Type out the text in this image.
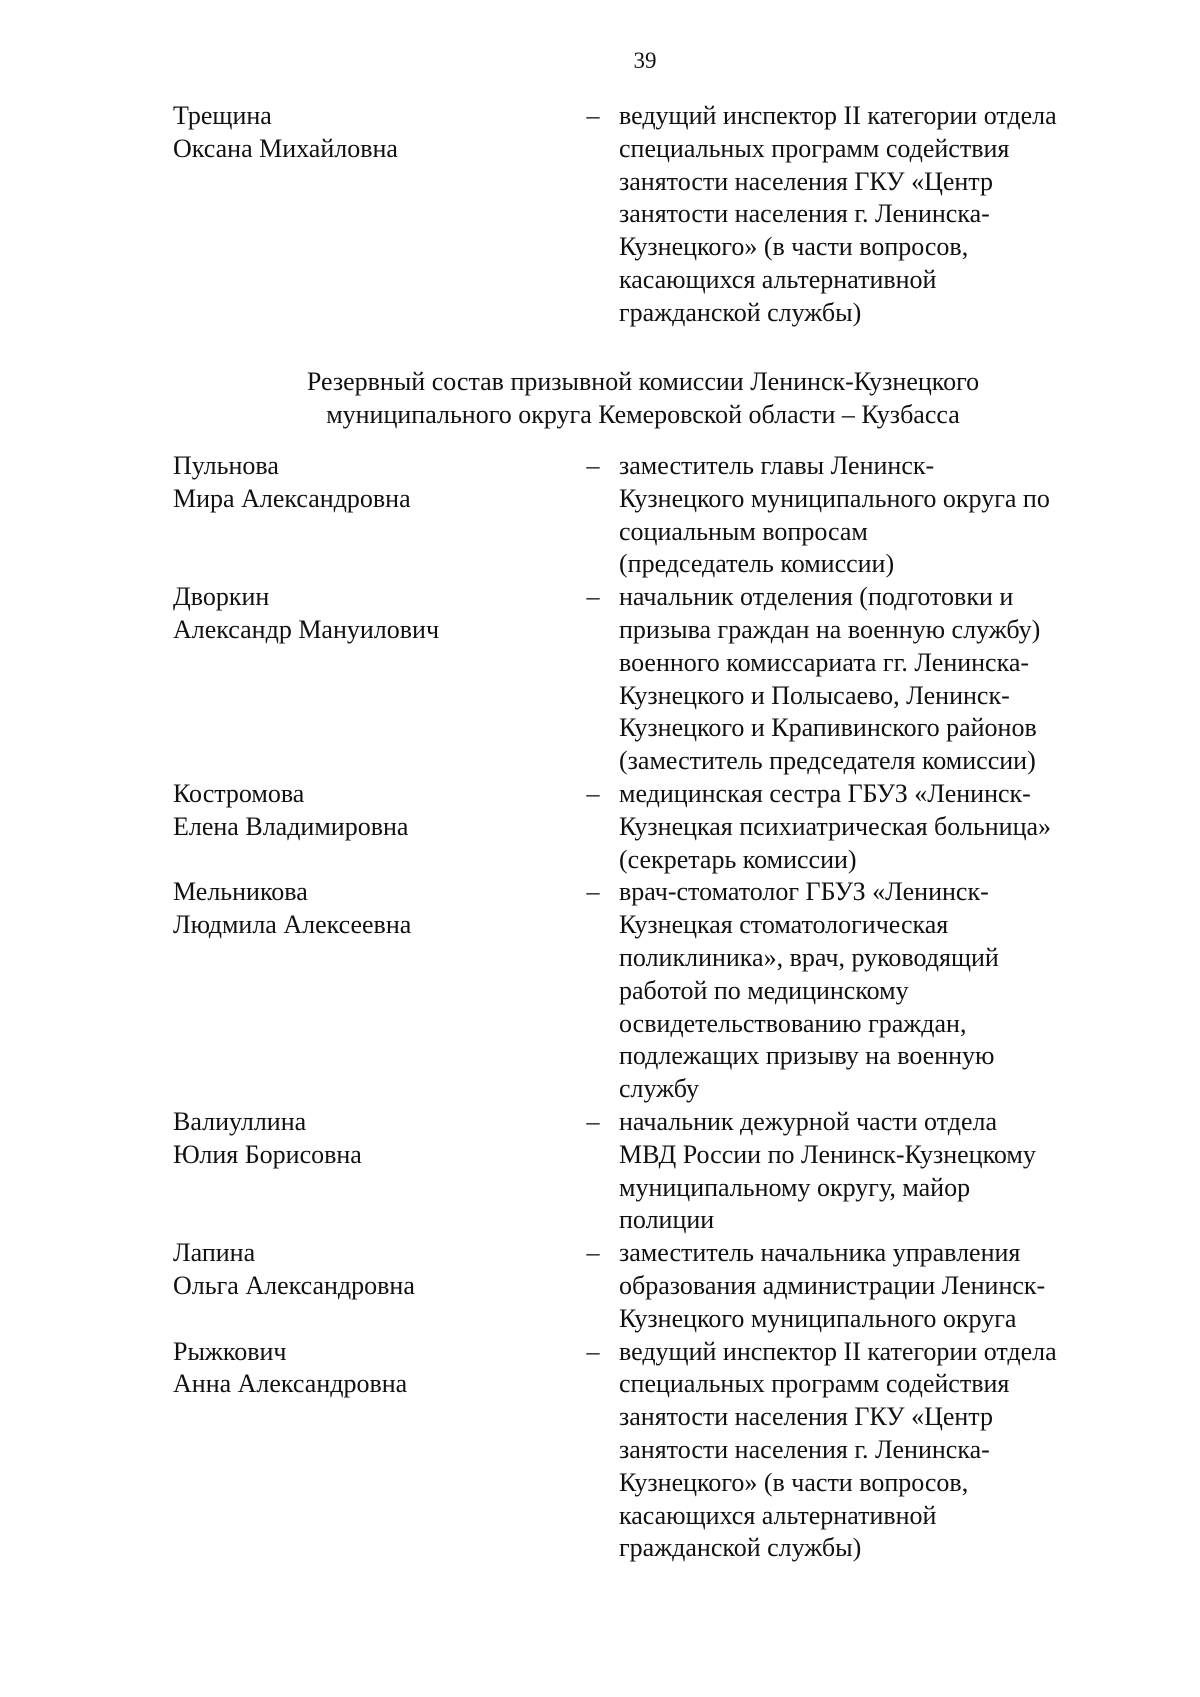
39
Трещина
Оксана Михайловна
– ведущий инспектор II категории отдела
специальных программ содействия
занятости населения ГКУ «Центр
занятости населения г. Ленинска-
Кузнецкого» (в части вопросов,
касающихся альтернативной
гражданской службы)
Резервный состав призывной комиссии Ленинск-Кузнецкого
муниципального округа Кемеровской области – Кузбасса
Пульнова
Мира Александровна
– заместитель главы Ленинск-
Кузнецкого муниципального округа по
социальным вопросам
(председатель комиссии)
Дворкин
Александр Мануилович
– начальник отделения (подготовки и
призыва граждан на военную службу)
военного комиссариата гг. Ленинска-
Кузнецкого и Полысаево, Ленинск-
Кузнецкого и Крапивинского районов
(заместитель председателя комиссии)
Костромова
Елена Владимировна
– медицинская сестра ГБУЗ «Ленинск-
Кузнецкая психиатрическая больница»
(секретарь комиссии)
Мельникова
Людмила Алексеевна
– врач-стоматолог ГБУЗ «Ленинск-
Кузнецкая стоматологическая
поликлиника», врач, руководящий
работой по медицинскому
освидетельствованию граждан,
подлежащих призыву на военную
службу
Валиуллина
Юлия Борисовна
– начальник дежурной части отдела
МВД России по Ленинск-Кузнецкому
муниципальному округу, майор
полиции
Лапина
Ольга Александровна
– заместитель начальника управления
образования администрации Ленинск-
Кузнецкого муниципального округа
Рыжкович
Анна Александровна
– ведущий инспектор II категории отдела
специальных программ содействия
занятости населения ГКУ «Центр
занятости населения г. Ленинска-
Кузнецкого» (в части вопросов,
касающихся альтернативной
гражданской службы)
